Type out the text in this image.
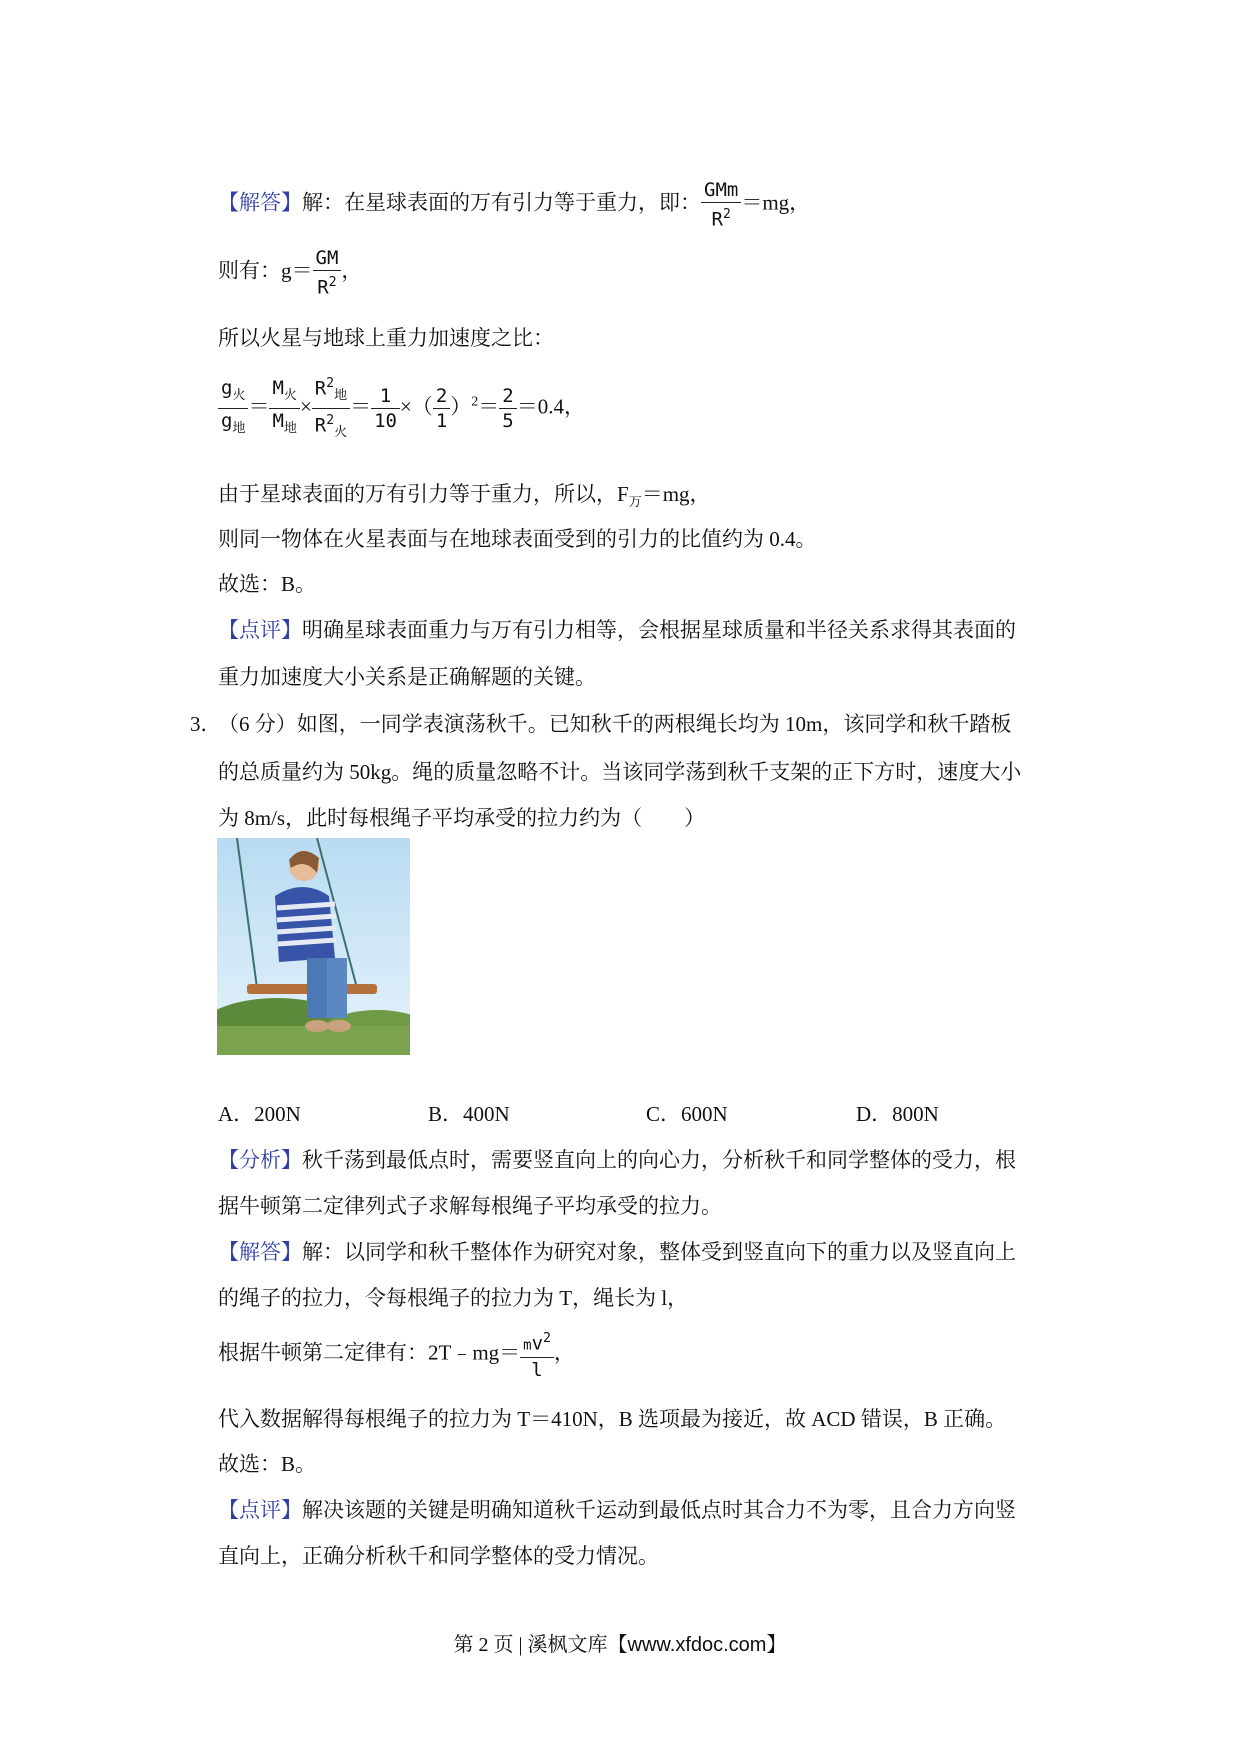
【解答】解：在星球表面的万有引力等于重力，即： $\frac{\text{GMm}}{R^2} =mg$，
则有：$g= \frac{GM}{R^2}$ ，
所以火星与地球上重力加速度之比：
$\frac{g_火}{g_地} = \frac{M_火}{M_地} \times \frac{R^2_地}{R^2_火} = \frac{1}{10}$ ×（ $\frac{2}{1} )^2= \frac{2}{5} =0.4$，
由于星球表面的万有引力等于重力，所以，$F_万=mg$，
则同一物体在火星表面与在地球表面受到的引力的比值约为 0.4。
故选：B。
【点评】明确星球表面重力与万有引力相等，会根据星球质量和半径关系求得其表面的
重力加速度大小关系是正确解题的关键。
3．
（6 分）如图，一同学表演荡秋千。已知秋千的两根绳长均为 10m，该同学和秋千踏板
的总质量约为 50kg。绳的质量忽略不计。当该同学荡到秋千支架的正下方时，速度大小
为 8m/s，此时每根绳子平均承受的拉力约为（　　）
A．200N	B．400N	C．600N	D．800N
【分析】秋千荡到最低点时，需要竖直向上的向心力，分析秋千和同学整体的受力，根
据牛顿第二定律列式子求解每根绳子平均承受的拉力。
【解答】解：以同学和秋千整体作为研究对象，整体受到竖直向下的重力以及竖直向上
的绳子的拉力，令每根绳子的拉力为 T，绳长为 l，
根据牛顿第二定律有：2T﹣mg＝ $\frac{mv^2}{l}$ ，
代入数据解得每根绳子的拉力为 T＝410N，B 选项最为接近，故 ACD 错误，B 正确。
故选：B。
【点评】解决该题的关键是明确知道秋千运动到最低点时其合力不为零，且合力方向竖
直向上，正确分析秋千和同学整体的受力情况。
第 2 页 | 溪枫文库【www.xfdoc.com】
